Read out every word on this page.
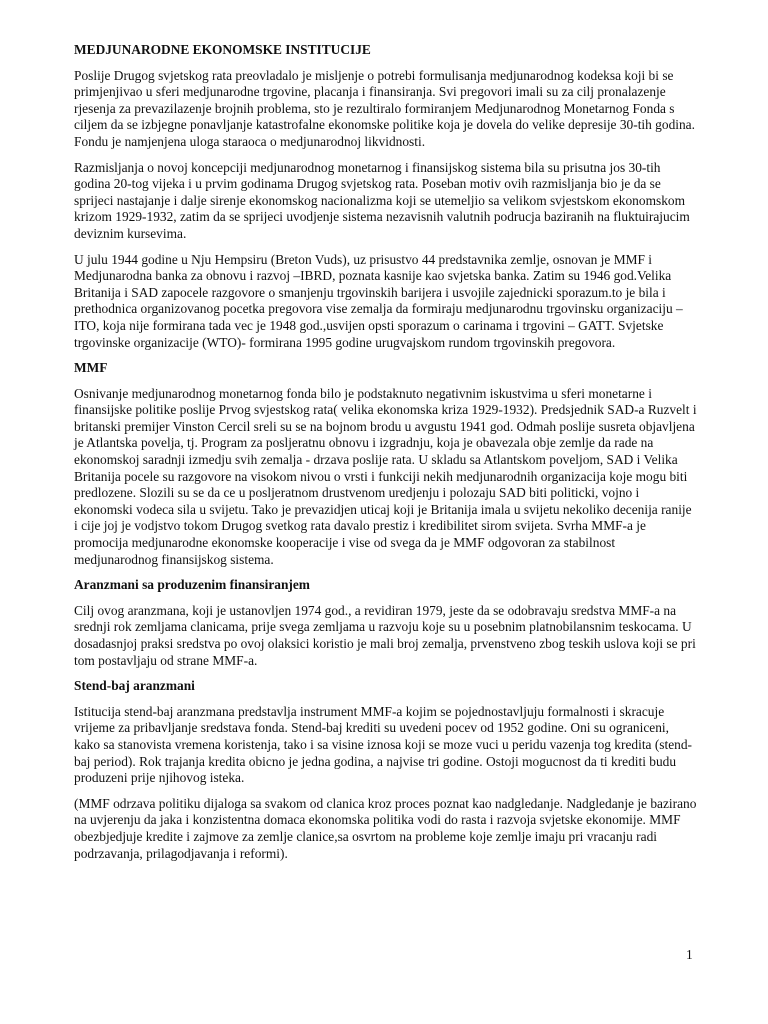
MEDJUNARODNE EKONOMSKE INSTITUCIJE

Poslije Drugog svjetskog rata preovladalo je misljenje o potrebi formulisanja medjunarodnog kodeksa koji bi se primjenjivao u sferi medjunarodne trgovine, placanja i finansiranja. Svi pregovori imali su za cilj pronalazenje rjesenja za prevazilazenje brojnih problema, sto je rezultiralo formiranjem Medjunarodnog Monetarnog Fonda s ciljem da se izbjegne ponavljanje katastrofalne ekonomske politike koja je dovela do velike depresije 30-tih godina. Fondu je namjenjena uloga staraoca o medjunarodnoj likvidnosti.

Razmisljanja o novoj koncepciji medjunarodnog monetarnog i finansijskog sistema bila su prisutna jos 30-tih godina 20-tog vijeka i u prvim godinama Drugog svjetskog rata. Poseban motiv ovih razmisljanja bio je da se sprijeci nastajanje i dalje sirenje ekonomskog nacionalizma koji se utemeljio sa velikom svjestskom ekonomskom krizom 1929-1932, zatim da se sprijeci uvodjenje sistema nezavisnih valutnih podrucja baziranih na fluktuirajucim deviznim kursevima.

U julu 1944 godine u Nju Hempsiru (Breton Vuds), uz prisustvo 44 predstavnika zemlje, osnovan je MMF i Medjunarodna banka za obnovu i razvoj –IBRD, poznata kasnije kao svjetska banka. Zatim su 1946 god.Velika Britanija i SAD zapocele razgovore o smanjenju trgovinskih barijera i usvojile zajednicki sporazum.to je bila i prethodnica organizovanog pocetka pregovora vise zemalja da formiraju medjunarodnu trgovinsku organizaciju – ITO, koja nije formirana tada vec je 1948 god.,usvijen opsti sporazum o carinama i trgovini – GATT. Svjetske trgovinske organizacije (WTO)- formirana 1995 godine urugvajskom rundom trgovinskih pregovora.

MMF

Osnivanje medjunarodnog monetarnog fonda bilo je podstaknuto negativnim iskustvima u sferi monetarne i finansijske politike poslije Prvog svjestskog rata( velika ekonomska kriza 1929-1932). Predsjednik SAD-a Ruzvelt i britanski premijer Vinston Cercil sreli su se na bojnom brodu u avgustu 1941 god. Odmah poslije susreta objavljena je Atlantska povelja, tj. Program za posljeratnu obnovu i izgradnju, koja je obavezala obje zemlje da rade na ekonomskoj saradnji izmedju svih zemalja - drzava poslije rata. U skladu sa Atlantskom poveljom, SAD i Velika Britanija pocele su razgovore na visokom nivou o vrsti i funkciji nekih medjunarodnih organizacija koje mogu biti predlozene. Slozili su se da ce u posljeratnom drustvenom uredjenju i polozaju SAD biti politicki, vojno i ekonomski vodeca sila u svijetu. Tako je prevazidjen uticaj koji je Britanija imala u svijetu nekoliko decenija ranije i cije joj je vodjstvo tokom Drugog svetkog rata davalo prestiz i kredibilitet sirom svijeta. Svrha MMF-a je promocija medjunarodne ekonomske kooperacije i vise od svega da je MMF odgovoran za stabilnost medjunarodnog finansijskog sistema.

Aranzmani sa produzenim finansiranjem

Cilj ovog aranzmana, koji je ustanovljen 1974 god., a revidiran 1979, jeste da se odobravaju sredstva MMF-a na srednji rok zemljama clanicama, prije svega zemljama u razvoju koje su u posebnim platnobilansnim teskocama. U dosadasnjoj praksi sredstva po ovoj olaksici koristio je mali broj zemalja, prvenstveno zbog teskih uslova koji se pri tom postavljaju od strane MMF-a.

Stend-baj aranzmani

Istitucija stend-baj aranzmana predstavlja instrument MMF-a kojim se pojednostavljuju formalnosti i skracuje vrijeme za pribavljanje sredstava fonda. Stend-baj krediti su uvedeni pocev od 1952 godine. Oni su ograniceni, kako sa stanovista vremena koristenja, tako i sa visine iznosa koji se moze vuci u peridu vazenja tog kredita (stend-baj period). Rok trajanja kredita obicno je jedna godina, a najvise tri godine. Ostoji mogucnost da ti krediti budu produzeni prije njihovog isteka.

(MMF odrzava politiku dijaloga sa svakom od clanica kroz proces poznat kao nadgledanje. Nadgledanje je bazirano na uvjerenju da jaka i konzistentna domaca ekonomska politika vodi do rasta i razvoja svjetske ekonomije. MMF obezbjedjuje kredite i zajmove za zemlje clanice,sa osvrtom na probleme koje zemlje imaju pri vracanju radi podrzavanja, prilagodjavanja i reformi).

1
